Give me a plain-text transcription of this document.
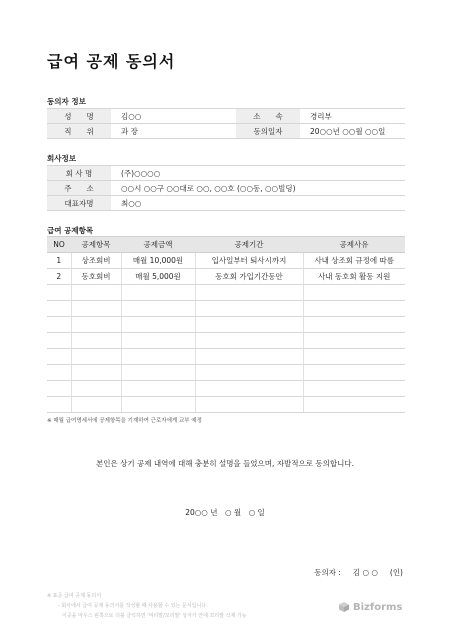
급여 공제 동의서
동의자 정보
성　　명	김○○	소　　속	경리부
직　　위	과 장	동의일자	20○○년 ○○월 ○○일
회사정보
회 사 명	(주)○○○○
주　　소	○○시 ○○구 ○○대로 ○○, ○○호 (○○동, ○○빌딩)
대표자명	최○○
급여 공제항목
NO	공제항목	공제금액	공제기간	공제사유
1	상조회비	매월 10,000원	입사일부터 퇴사시까지	사내 상조회 규정에 따름
2	동호회비	매월 5,000원	동호회 가입기간동안	사내 동호회 활동 지원

※ 매월 급여명세서에 공제항목을 기재하여 근로자에게 교부 예정
본인은 상기 공제 내역에 대해 충분히 설명을 들었으며, 자발적으로 동의합니다.
20○○ 년　○ 월　○ 일
동의자 : 김 ○ ○ (인)
※ 표준 급여 공제 동의서
- 회사에서 급여 공제 동의서를 작성할 때 사용할 수 있는 문서입니다.
이곳을 마우스 왼쪽으로 더블 클릭하면 '머리말/꼬리말' 상자가 안에 꼬리말 삭제 가능
Bizforms
